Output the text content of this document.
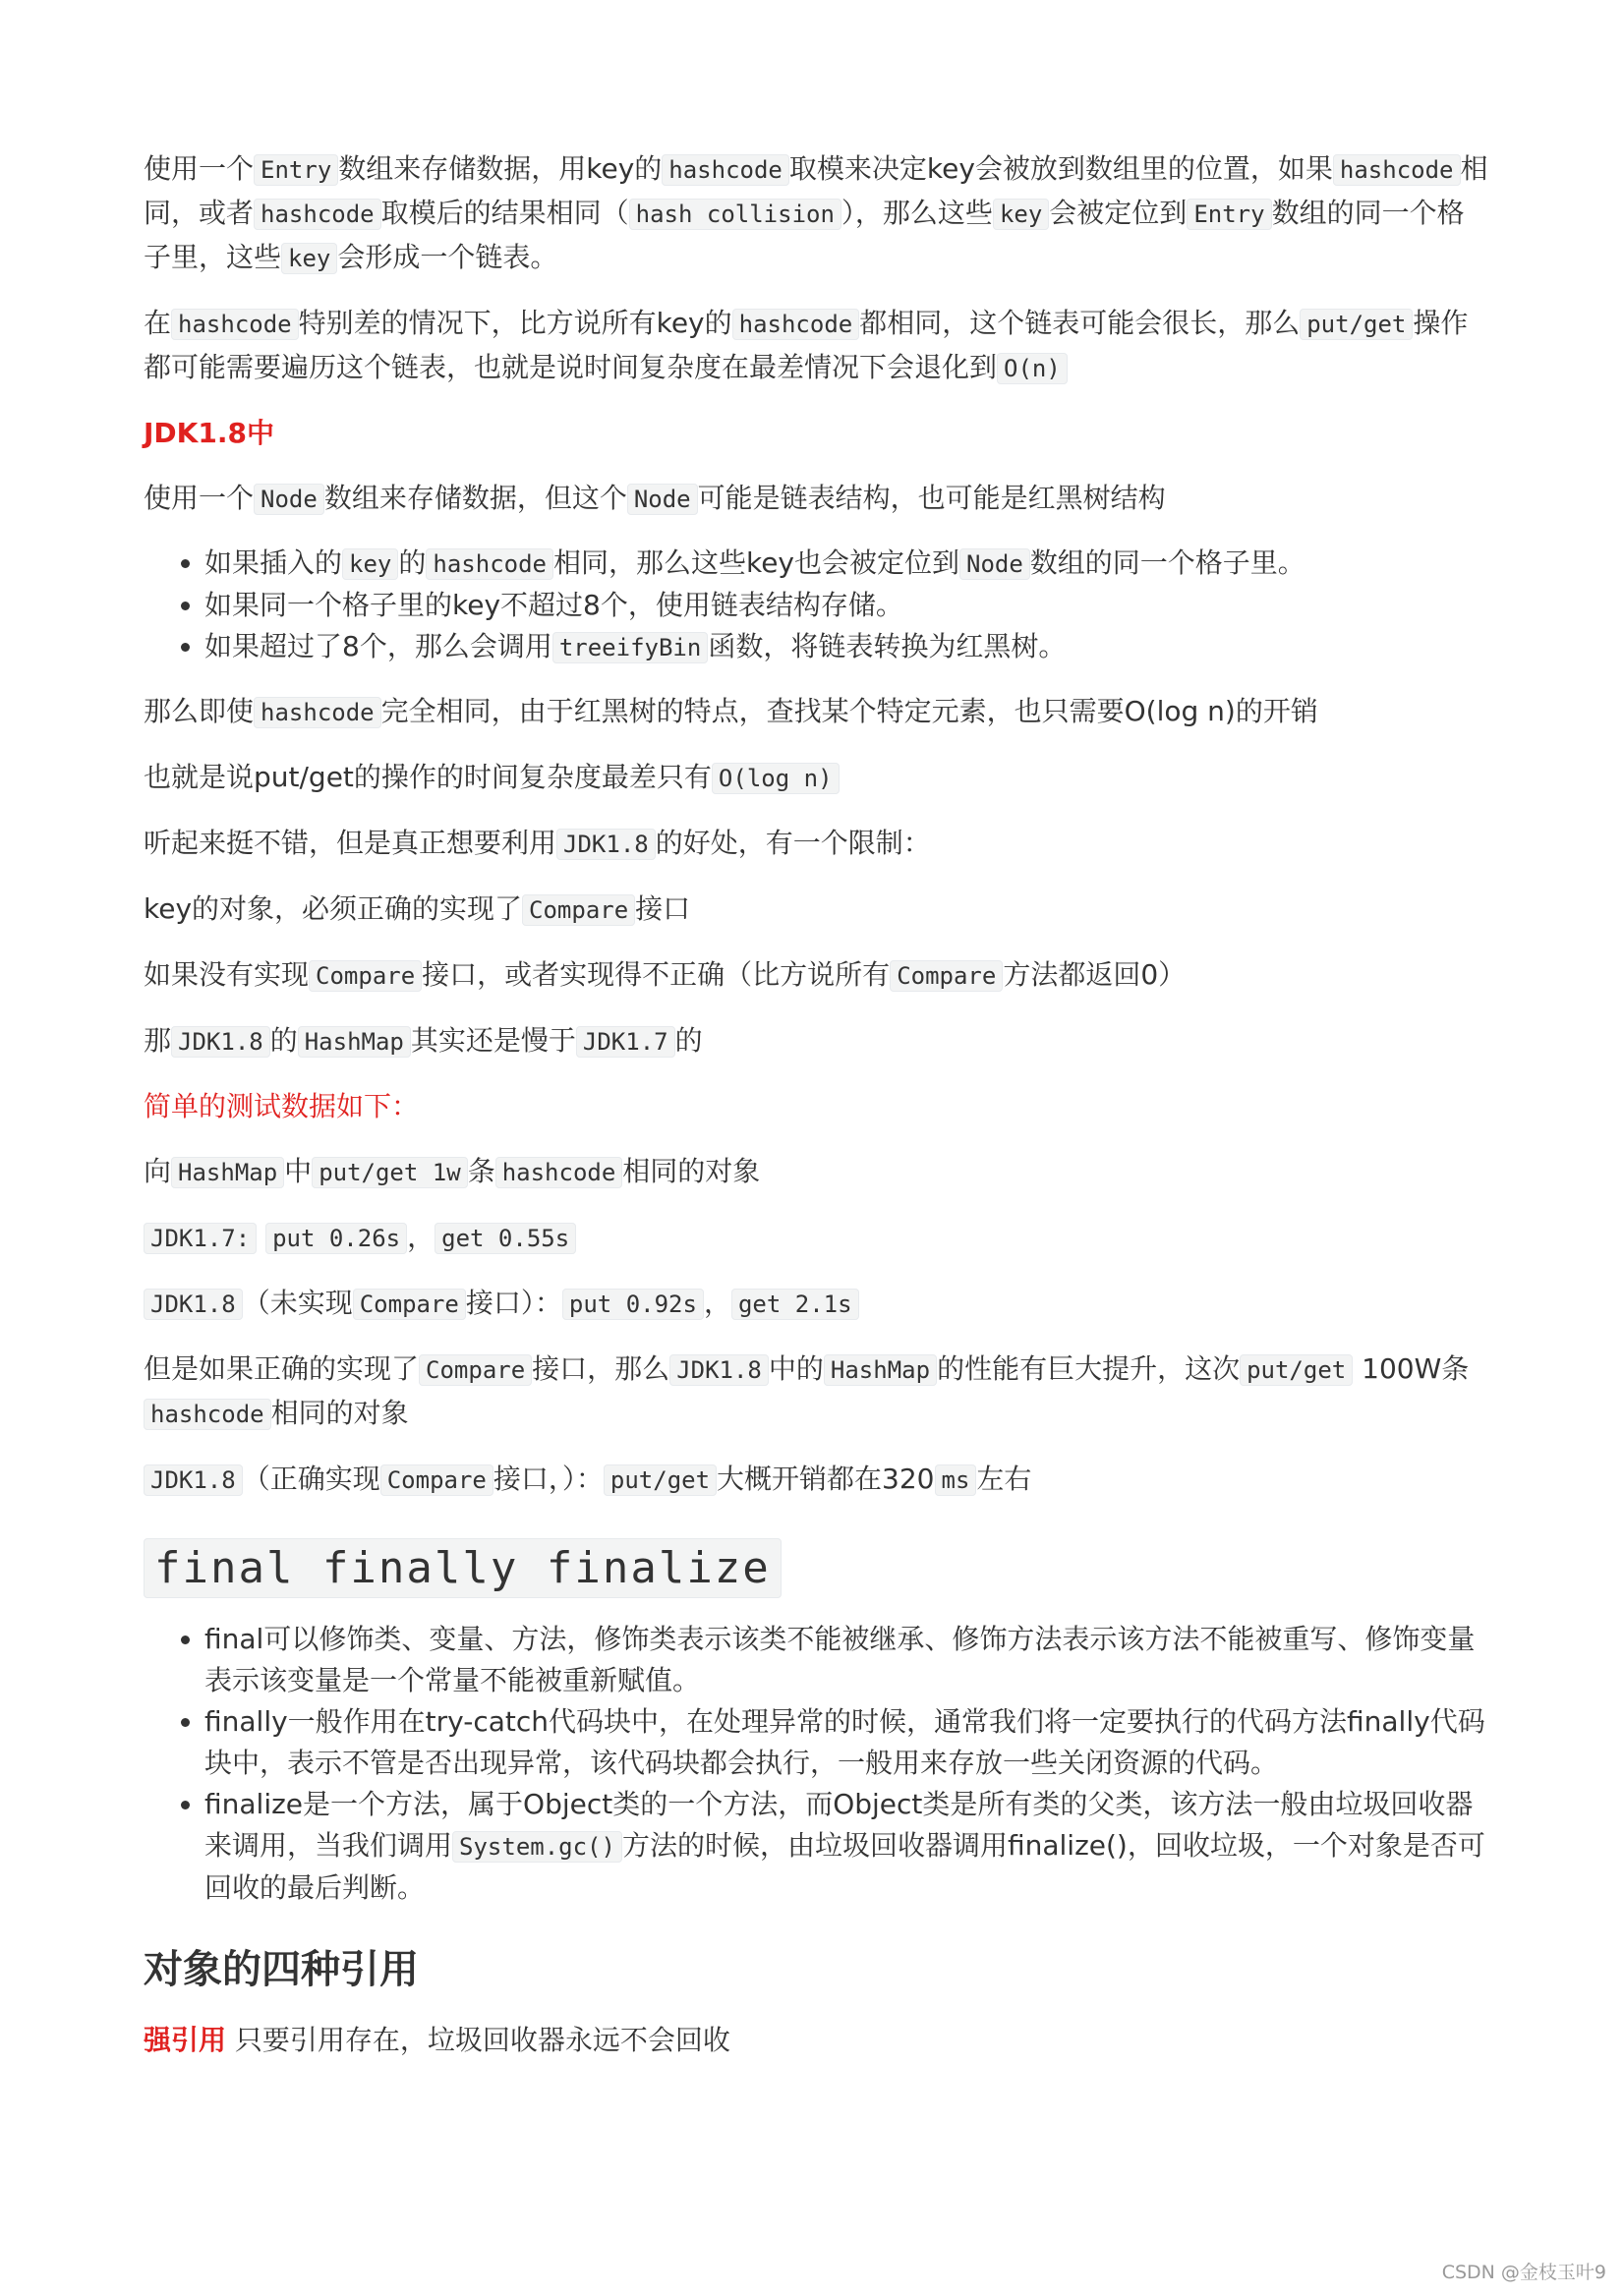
使用一个 Entry 数组来存储数据，用key的 hashcode 取模来决定key会被放到数组里的位置，如果 hashcode 相同，或者 hashcode 取模后的结果相同（ hash collision ），那么这些 key 会被定位到 Entry 数组的同一个格子里，这些 key 会形成一个链表。

在 hashcode 特别差的情况下，比方说所有key的 hashcode 都相同，这个链表可能会很长，那么 put/get 操作都可能需要遍历这个链表，也就是说时间复杂度在最差情况下会退化到 O(n)

JDK1.8中

使用一个 Node 数组来存储数据，但这个 Node 可能是链表结构，也可能是红黑树结构

• 如果插入的 key 的 hashcode 相同，那么这些key也会被定位到 Node 数组的同一个格子里。
• 如果同一个格子里的key不超过8个，使用链表结构存储。
• 如果超过了8个，那么会调用 treeifyBin 函数，将链表转换为红黑树。

那么即使 hashcode 完全相同，由于红黑树的特点，查找某个特定元素，也只需要O(log n)的开销

也就是说put/get的操作的时间复杂度最差只有 O(log n)

听起来挺不错，但是真正想要利用 JDK1.8 的好处，有一个限制：

key的对象，必须正确的实现了 Compare 接口

如果没有实现 Compare 接口，或者实现得不正确（比方说所有 Compare 方法都返回0）

那 JDK1.8 的 HashMap 其实还是慢于 JDK1.7 的

简单的测试数据如下：

向 HashMap 中 put/get 1w 条 hashcode 相同的对象

JDK1.7: put 0.26s ， get 0.55s

JDK1.8 （未实现 Compare 接口）： put 0.92s ， get 2.1s

但是如果正确的实现了 Compare 接口，那么 JDK1.8 中的 HashMap 的性能有巨大提升，这次 put/get 100W条hashcode 相同的对象

JDK1.8 （正确实现 Compare 接口，）： put/get 大概开销都在320 ms 左右

final finally finalize
• final可以修饰类、变量、方法，修饰类表示该类不能被继承、修饰方法表示该方法不能被重写、修饰变量表示该变量是一个常量不能被重新赋值。
• finally一般作用在try-catch代码块中，在处理异常的时候，通常我们将一定要执行的代码方法finally代码块中，表示不管是否出现异常，该代码块都会执行，一般用来存放一些关闭资源的代码。
• finalize是一个方法，属于Object类的一个方法，而Object类是所有类的父类，该方法一般由垃圾回收器来调用，当我们调用 System.gc() 方法的时候，由垃圾回收器调用finalize()，回收垃圾，一个对象是否可回收的最后判断。
对象的四种引用

强引用 只要引用存在，垃圾回收器永远不会回收

CSDN @金枝玉叶9
